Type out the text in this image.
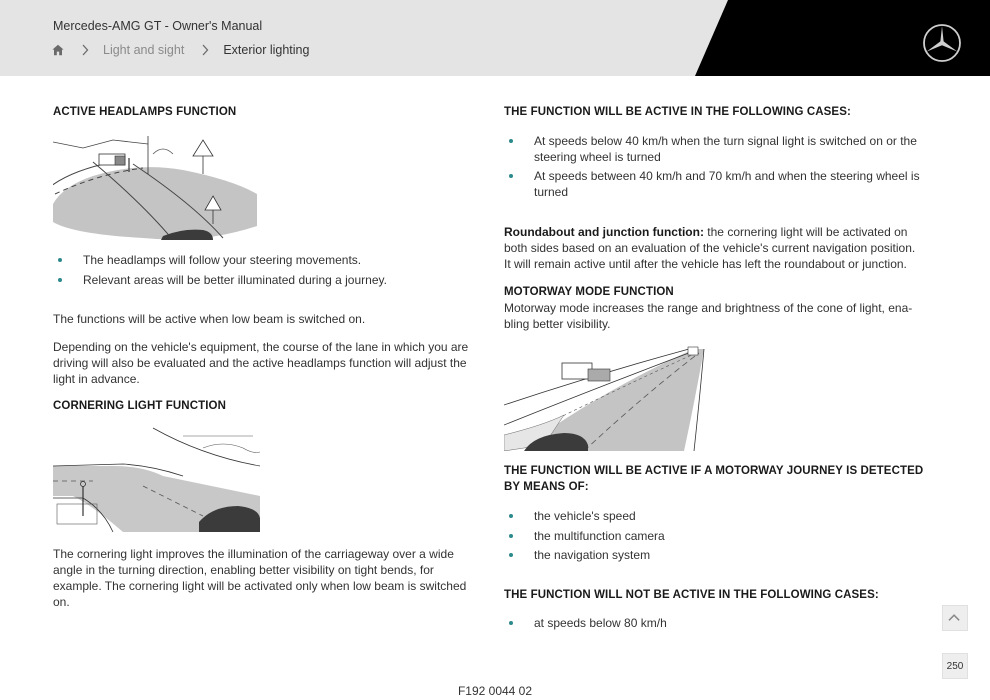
Mercedes-AMG GT - Owner's Manual
Light and sight	Exterior lighting
ACTIVE HEADLAMPS FUNCTION
The headlamps will follow your steering movements.
Relevant areas will be better illuminated during a journey.

The functions will be active when low beam is switched on.

Depending on the vehicle's equipment, the course of the lane in which you are driving will also be evaluated and the active headlamps function will adjust the light in advance.

CORNERING LIGHT FUNCTION

The cornering light improves the illumination of the carriageway over a wide angle in the turning direction, enabling better visibility on tight bends, for example. The cornering light will be activated only when low beam is switched on.

THE FUNCTION WILL BE ACTIVE IN THE FOLLOWING CASES:
At speeds below 40 km/h when the turn signal light is switched on or the steering wheel is turned
At speeds between 40 km/h and 70 km/h and when the steering wheel is turned

Roundabout and junction function: the cornering light will be activated on both sides based on an evaluation of the vehicle's current navigation position. It will remain active until after the vehicle has left the roundabout or junction.

MOTORWAY MODE FUNCTION

Motorway mode increases the range and brightness of the cone of light, ena-bling better visibility.

THE FUNCTION WILL BE ACTIVE IF A MOTORWAY JOURNEY IS DETECTED BY MEANS OF:
the vehicle's speed
the multifunction camera
the navigation system
THE FUNCTION WILL NOT BE ACTIVE IN THE FOLLOWING CASES:
at speeds below 80 km/h
250
F192 0044 02
